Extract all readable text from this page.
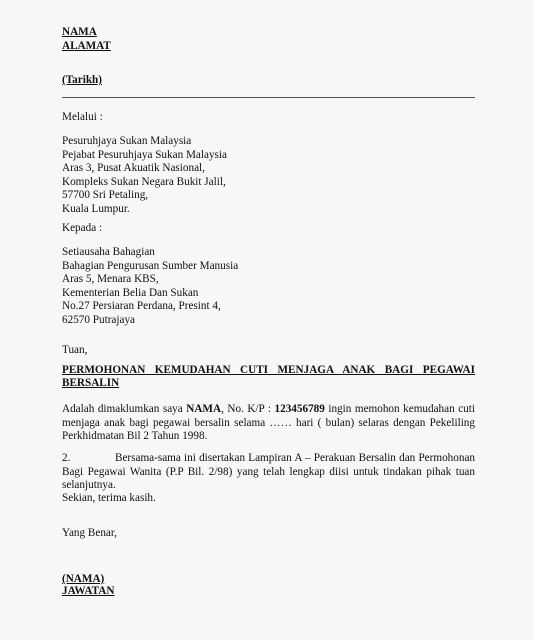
NAMA
ALAMAT
(Tarikh)
Melalui :
Pesuruhjaya Sukan Malaysia
Pejabat Pesuruhjaya Sukan Malaysia
Aras 3, Pusat Akuatik Nasional,
Kompleks Sukan Negara Bukit Jalil,
57700 Sri Petaling,
Kuala Lumpur.
Kepada :
Setiausaha Bahagian
Bahagian Pengurusan Sumber Manusia
Aras 5, Menara KBS,
Kementerian Belia Dan Sukan
No.27 Persiaran Perdana, Presint 4,
62570 Putrajaya
Tuan,
PERMOHONAN KEMUDAHAN CUTI MENJAGA ANAK BAGI PEGAWAI
BERSALIN
Adalah dimaklumkan saya NAMA, No. K/P : 123456789 ingin memohon kemudahan cuti
menjaga anak bagi pegawai bersalin selama …… hari ( bulan) selaras dengan Pekeliling
Perkhidmatan Bil 2 Tahun 1998.
2.	Bersama-sama ini disertakan Lampiran A – Perakuan Bersalin dan Permohonan
Bagi Pegawai Wanita (P.P Bil. 2/98) yang telah lengkap diisi untuk tindakan pihak tuan
selanjutnya.
Sekian, terima kasih.
Yang Benar,
(NAMA)
JAWATAN
